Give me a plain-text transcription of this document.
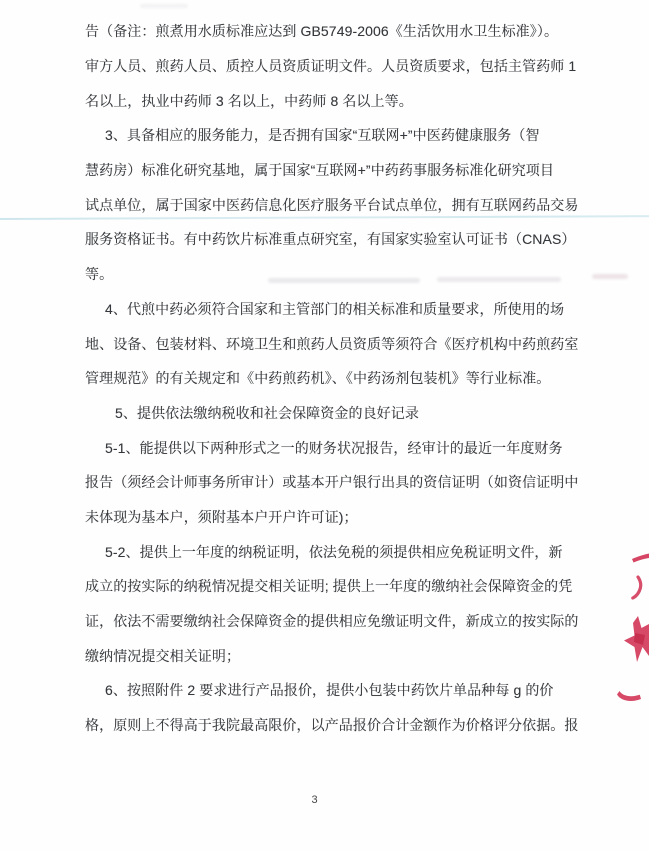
告（备注：煎煮用水质标准应达到 GB5749-2006《生活饮用水卫生标准》）。
审方人员、煎药人员、质控人员资质证明文件。人员资质要求，包括主管药师 1
名以上，执业中药师 3 名以上，中药师 8 名以上等。
3、具备相应的服务能力，是否拥有国家“互联网+”中医药健康服务（智
慧药房）标准化研究基地，属于国家“互联网+”中药药事服务标准化研究项目
试点单位，属于国家中医药信息化医疗服务平台试点单位，拥有互联网药品交易
服务资格证书。有中药饮片标准重点研究室，有国家实验室认可证书（CNAS）
等。
4、代煎中药必须符合国家和主管部门的相关标准和质量要求，所使用的场
地、设备、包装材料、环境卫生和煎药人员资质等须符合《医疗机构中药煎药室
管理规范》的有关规定和《中药煎药机》、《中药汤剂包装机》等行业标准。
5、提供依法缴纳税收和社会保障资金的良好记录
5-1、能提供以下两种形式之一的财务状况报告，经审计的最近一年度财务
报告（须经会计师事务所审计）或基本开户银行出具的资信证明（如资信证明中
未体现为基本户，须附基本户开户许可证)；
5-2、提供上一年度的纳税证明，依法免税的须提供相应免税证明文件，新
成立的按实际的纳税情况提交相关证明; 提供上一年度的缴纳社会保障资金的凭
证，依法不需要缴纳社会保障资金的提供相应免缴证明文件，新成立的按实际的
缴纳情况提交相关证明；
6、按照附件 2 要求进行产品报价，提供小包装中药饮片单品种每 g 的价
格，原则上不得高于我院最高限价，以产品报价合计金额作为价格评分依据。报
3
